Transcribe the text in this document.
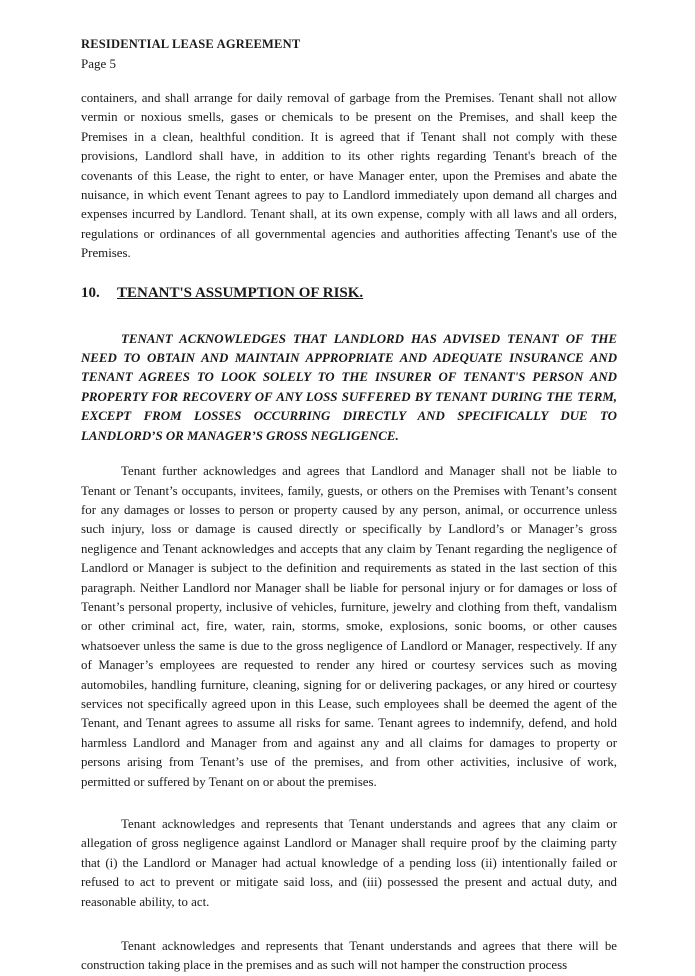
RESIDENTIAL LEASE AGREEMENT
Page 5

containers, and shall arrange for daily removal of garbage from the Premises. Tenant shall not allow vermin or noxious smells, gases or chemicals to be present on the Premises, and shall keep the Premises in a clean, healthful condition. It is agreed that if Tenant shall not comply with these provisions, Landlord shall have, in addition to its other rights regarding Tenant's breach of the covenants of this Lease, the right to enter, or have Manager enter, upon the Premises and abate the nuisance, in which event Tenant agrees to pay to Landlord immediately upon demand all charges and expenses incurred by Landlord. Tenant shall, at its own expense, comply with all laws and all orders, regulations or ordinances of all governmental agencies and authorities affecting Tenant's use of the Premises.

10. TENANT'S ASSUMPTION OF RISK.

TENANT ACKNOWLEDGES THAT LANDLORD HAS ADVISED TENANT OF THE NEED TO OBTAIN AND MAINTAIN APPROPRIATE AND ADEQUATE INSURANCE AND TENANT AGREES TO LOOK SOLELY TO THE INSURER OF TENANT'S PERSON AND PROPERTY FOR RECOVERY OF ANY LOSS SUFFERED BY TENANT DURING THE TERM, EXCEPT FROM LOSSES OCCURRING DIRECTLY AND SPECIFICALLY DUE TO LANDLORD’S OR MANAGER’S GROSS NEGLIGENCE.

Tenant further acknowledges and agrees that Landlord and Manager shall not be liable to Tenant or Tenant’s occupants, invitees, family, guests, or others on the Premises with Tenant’s consent for any damages or losses to person or property caused by any person, animal, or occurrence unless such injury, loss or damage is caused directly or specifically by Landlord’s or Manager’s gross negligence and Tenant acknowledges and accepts that any claim by Tenant regarding the negligence of Landlord or Manager is subject to the definition and requirements as stated in the last section of this paragraph. Neither Landlord nor Manager shall be liable for personal injury or for damages or loss of Tenant’s personal property, inclusive of vehicles, furniture, jewelry and clothing from theft, vandalism or other criminal act, fire, water, rain, storms, smoke, explosions, sonic booms, or other causes whatsoever unless the same is due to the gross negligence of Landlord or Manager, respectively. If any of Manager’s employees are requested to render any hired or courtesy services such as moving automobiles, handling furniture, cleaning, signing for or delivering packages, or any hired or courtesy services not specifically agreed upon in this Lease, such employees shall be deemed the agent of the Tenant, and Tenant agrees to assume all risks for same. Tenant agrees to indemnify, defend, and hold harmless Landlord and Manager from and against any and all claims for damages to property or persons arising from Tenant’s use of the premises, and from other activities, inclusive of work, permitted or suffered by Tenant on or about the premises.

Tenant acknowledges and represents that Tenant understands and agrees that any claim or allegation of gross negligence against Landlord or Manager shall require proof by the claiming party that (i) the Landlord or Manager had actual knowledge of a pending loss (ii) intentionally failed or refused to act to prevent or mitigate said loss, and (iii) possessed the present and actual duty, and reasonable ability, to act.

Tenant acknowledges and represents that Tenant understands and agrees that there will be construction taking place in the premises and as such will not hamper the construction process
